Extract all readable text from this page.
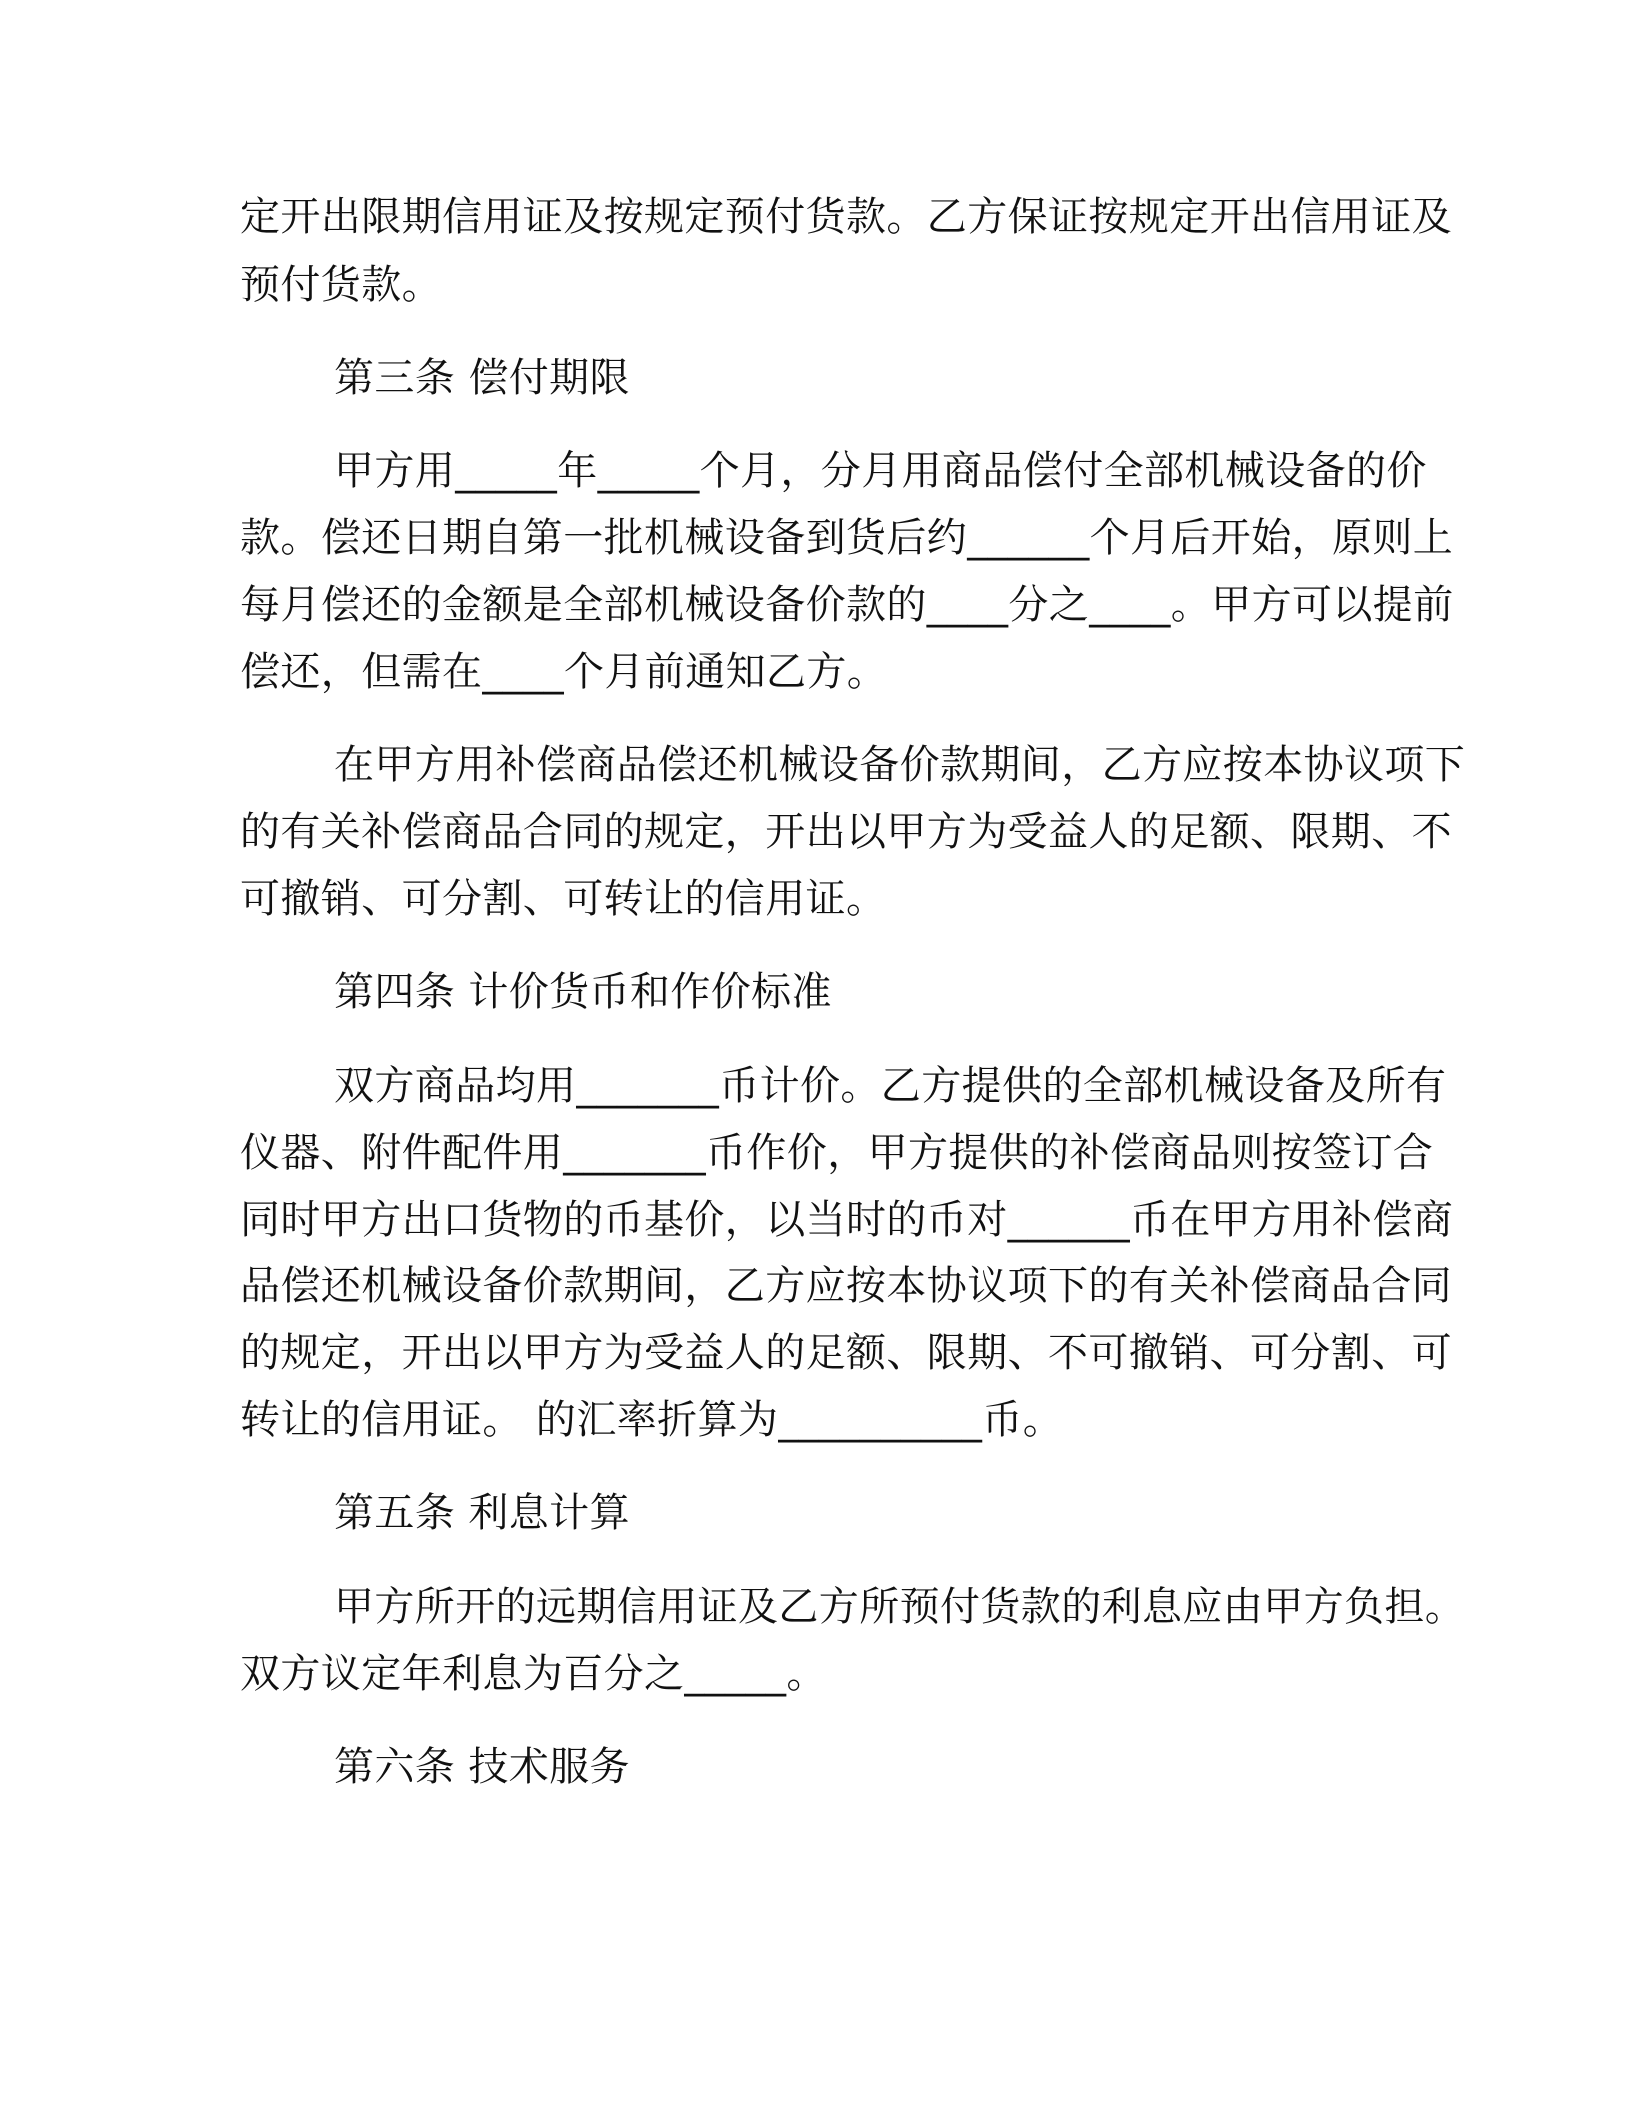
定开出限期信用证及按规定预付货款。乙方保证按规定开出信用证及
预付货款。
第三条 偿付期限
甲方用_____年_____个月，分月用商品偿付全部机械设备的价
款。偿还日期自第一批机械设备到货后约______个月后开始，原则上
每月偿还的金额是全部机械设备价款的____分之____。甲方可以提前
偿还，但需在____个月前通知乙方。
在甲方用补偿商品偿还机械设备价款期间，乙方应按本协议项下
的有关补偿商品合同的规定，开出以甲方为受益人的足额、限期、不
可撤销、可分割、可转让的信用证。
第四条 计价货币和作价标准
双方商品均用_______币计价。乙方提供的全部机械设备及所有
仪器、附件配件用_______币作价，甲方提供的补偿商品则按签订合
同时甲方出口货物的币基价，以当时的币对______币在甲方用补偿商
品偿还机械设备价款期间，乙方应按本协议项下的有关补偿商品合同
的规定，开出以甲方为受益人的足额、限期、不可撤销、可分割、可
转让的信用证。 的汇率折算为__________币。
第五条 利息计算
甲方所开的远期信用证及乙方所预付货款的利息应由甲方负担。
双方议定年利息为百分之_____。
第六条 技术服务
